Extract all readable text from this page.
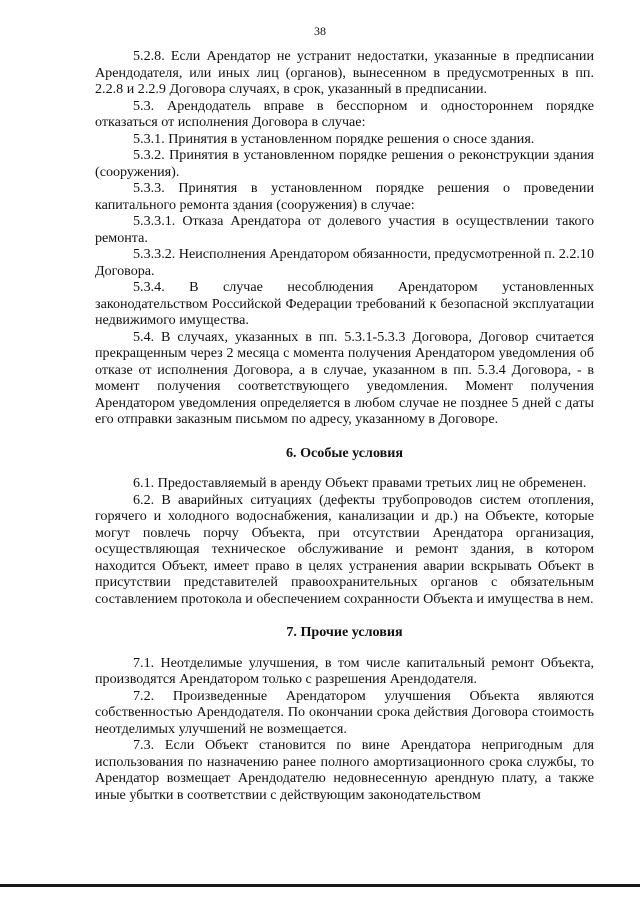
38

5.2.8. Если Арендатор не устранит недостатки, указанные в предписании Арендодателя, или иных лиц (органов), вынесенном в предусмотренных в пп. 2.2.8 и 2.2.9 Договора случаях, в срок, указанный в предписании.

5.3. Арендодатель вправе в бесспорном и одностороннем порядке отказаться от исполнения Договора в случае:

5.3.1. Принятия в установленном порядке решения о сносе здания.

5.3.2. Принятия в установленном порядке решения о реконструкции здания (сооружения).

5.3.3. Принятия в установленном порядке решения о проведении капитального ремонта здания (сооружения) в случае:

5.3.3.1. Отказа Арендатора от долевого участия в осуществлении такого ремонта.

5.3.3.2. Неисполнения Арендатором обязанности, предусмотренной п. 2.2.10 Договора.

5.3.4. В случае несоблюдения Арендатором установленных законодательством Российской Федерации требований к безопасной эксплуатации недвижимого имущества.

5.4. В случаях, указанных в пп. 5.3.1-5.3.3 Договора, Договор считается прекращенным через 2 месяца с момента получения Арендатором уведомления об отказе от исполнения Договора, а в случае, указанном в пп. 5.3.4 Договора, - в момент получения соответствующего уведомления. Момент получения Арендатором уведомления определяется в любом случае не позднее 5 дней с даты его отправки заказным письмом по адресу, указанному в Договоре.

6. Особые условия

6.1. Предоставляемый в аренду Объект правами третьих лиц не обременен.

6.2. В аварийных ситуациях (дефекты трубопроводов систем отопления, горячего и холодного водоснабжения, канализации и др.) на Объекте, которые могут повлечь порчу Объекта, при отсутствии Арендатора организация, осуществляющая техническое обслуживание и ремонт здания, в котором находится Объект, имеет право в целях устранения аварии вскрывать Объект в присутствии представителей правоохранительных органов с обязательным составлением протокола и обеспечением сохранности Объекта и имущества в нем.

7. Прочие условия

7.1. Неотделимые улучшения, в том числе капитальный ремонт Объекта, производятся Арендатором только с разрешения Арендодателя.

7.2. Произведенные Арендатором улучшения Объекта являются собственностью Арендодателя. По окончании срока действия Договора стоимость неотделимых улучшений не возмещается.

7.3. Если Объект становится по вине Арендатора непригодным для использования по назначению ранее полного амортизационного срока службы, то Арендатор возмещает Арендодателю недовнесенную арендную плату, а также иные убытки в соответствии с действующим законодательством
